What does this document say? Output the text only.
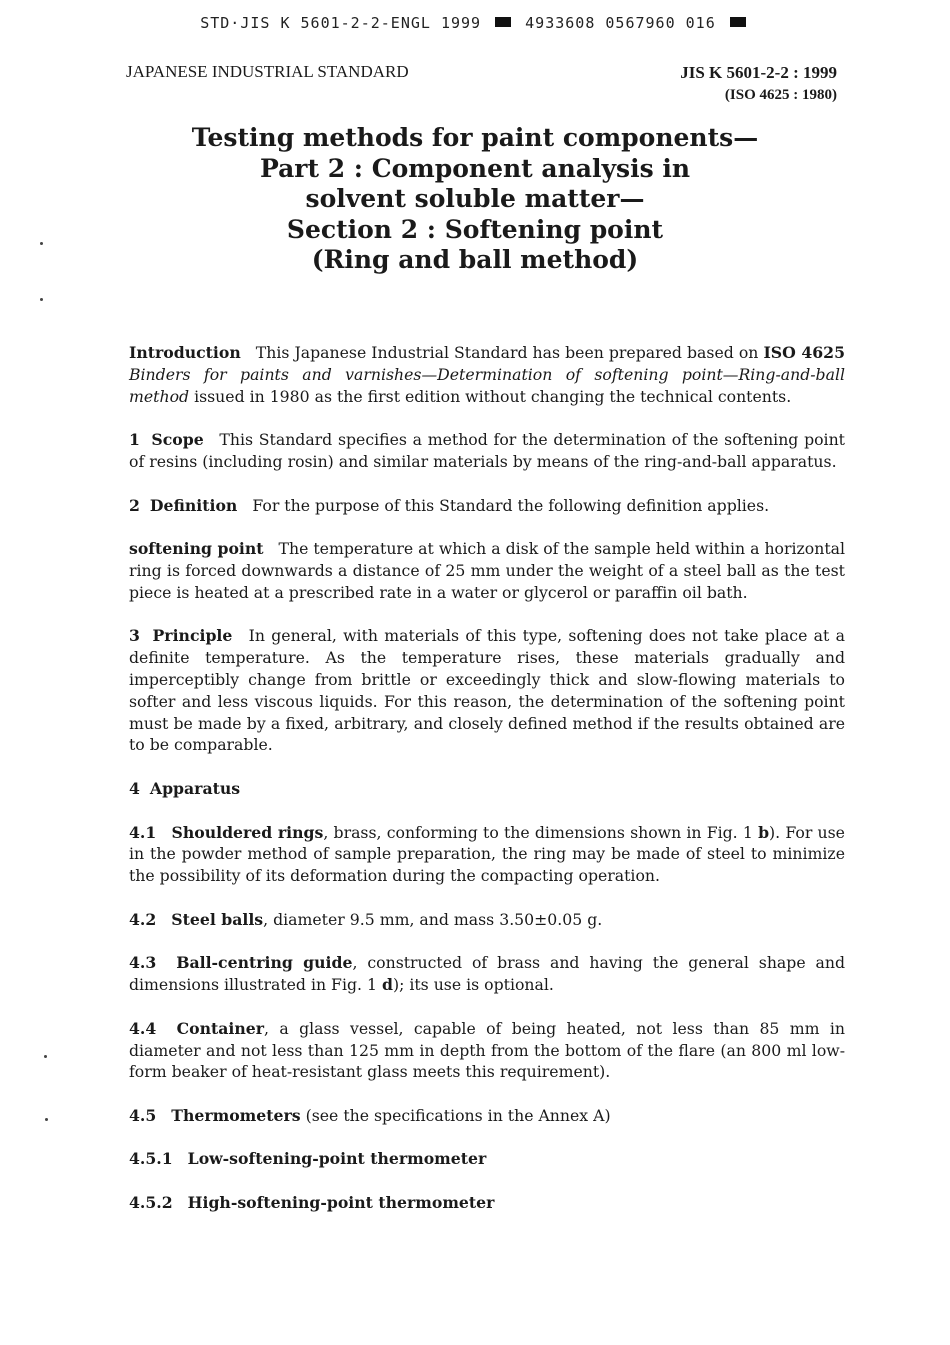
STD·JIS K 5601-2-2-ENGL 1999	4933608 0567960 016
JAPANESE INDUSTRIAL STANDARD	JIS K 5601-2-2 : 1999
(ISO 4625 : 1980)
Testing methods for paint components—
Part 2 : Component analysis in
solvent soluble matter—
Section 2 : Softening point
(Ring and ball method)

Introduction This Japanese Industrial Standard has been prepared based on ISO 4625 Binders for paints and varnishes—Determination of softening point—Ring-and-ball method issued in 1980 as the first edition without changing the technical contents.

1 Scope This Standard specifies a method for the determination of the softening point of resins (including rosin) and similar materials by means of the ring-and-ball apparatus.

2 Definition For the purpose of this Standard the following definition applies.

softening point The temperature at which a disk of the sample held within a horizontal ring is forced downwards a distance of 25 mm under the weight of a steel ball as the test piece is heated at a prescribed rate in a water or glycerol or paraffin oil bath.

3 Principle In general, with materials of this type, softening does not take place at a definite temperature. As the temperature rises, these materials gradually and imperceptibly change from brittle or exceedingly thick and slow-flowing materials to softer and less viscous liquids. For this reason, the determination of the softening point must be made by a fixed, arbitrary, and closely defined method if the results obtained are to be comparable.

4 Apparatus

4.1 Shouldered rings, brass, conforming to the dimensions shown in Fig. 1 b). For use in the powder method of sample preparation, the ring may be made of steel to minimize the possibility of its deformation during the compacting operation.

4.2 Steel balls, diameter 9.5 mm, and mass 3.50±0.05 g.

4.3 Ball-centring guide, constructed of brass and having the general shape and dimensions illustrated in Fig. 1 d); its use is optional.

4.4 Container, a glass vessel, capable of being heated, not less than 85 mm in diameter and not less than 125 mm in depth from the bottom of the flare (an 800 ml low-form beaker of heat-resistant glass meets this requirement).

4.5 Thermometers (see the specifications in the Annex A)

4.5.1 Low-softening-point thermometer

4.5.2 High-softening-point thermometer
